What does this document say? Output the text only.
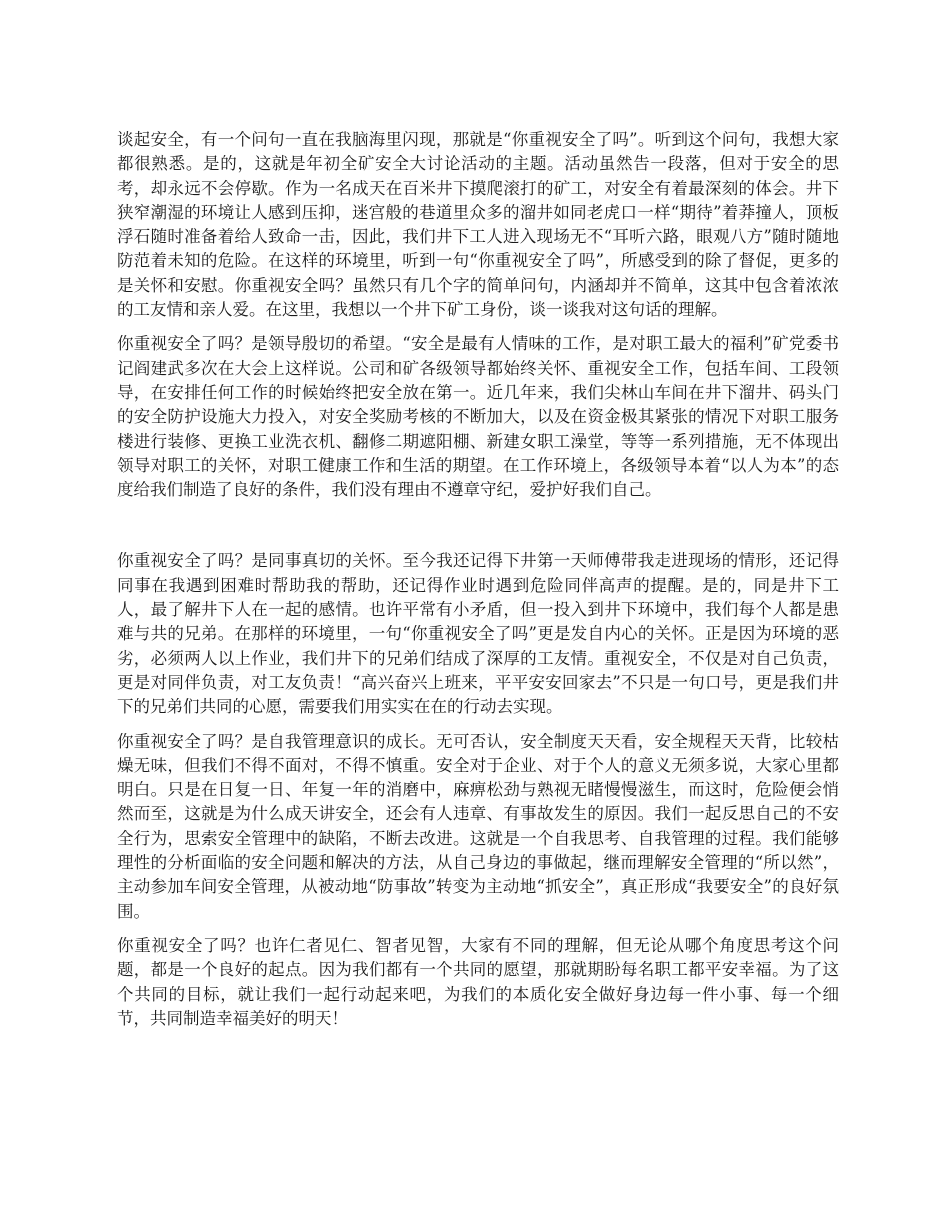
谈起安全，有一个问句一直在我脑海里闪现，那就是“你重视安全了吗”。听到这个问句，我想大家都很熟悉。是的，这就是年初全矿安全大讨论活动的主题。活动虽然告一段落，但对于安全的思考，却永远不会停歇。作为一名成天在百米井下摸爬滚打的矿工，对安全有着最深刻的体会。井下狭窄潮湿的环境让人感到压抑，迷宫般的巷道里众多的溜井如同老虎口一样“期待”着莽撞人，顶板浮石随时准备着给人致命一击，因此，我们井下工人进入现场无不“耳听六路，眼观八方”随时随地防范着未知的危险。在这样的环境里，听到一句“你重视安全了吗”，所感受到的除了督促，更多的是关怀和安慰。你重视安全吗？虽然只有几个字的简单问句，内涵却并不简单，这其中包含着浓浓的工友情和亲人爱。在这里，我想以一个井下矿工身份，谈一谈我对这句话的理解。

你重视安全了吗？是领导殷切的希望。“安全是最有人情味的工作，是对职工最大的福利”矿党委书记阎建武多次在大会上这样说。公司和矿各级领导都始终关怀、重视安全工作，包括车间、工段领导，在安排任何工作的时候始终把安全放在第一。近几年来，我们尖林山车间在井下溜井、码头门的安全防护设施大力投入，对安全奖励考核的不断加大，以及在资金极其紧张的情况下对职工服务楼进行装修、更换工业洗衣机、翻修二期遮阳棚、新建女职工澡堂，等等一系列措施，无不体现出领导对职工的关怀，对职工健康工作和生活的期望。在工作环境上，各级领导本着“以人为本”的态度给我们制造了良好的条件，我们没有理由不遵章守纪，爱护好我们自己。

你重视安全了吗？是同事真切的关怀。至今我还记得下井第一天师傅带我走进现场的情形，还记得同事在我遇到困难时帮助我的帮助，还记得作业时遇到危险同伴高声的提醒。是的，同是井下工人，最了解井下人在一起的感情。也许平常有小矛盾，但一投入到井下环境中，我们每个人都是患难与共的兄弟。在那样的环境里，一句“你重视安全了吗”更是发自内心的关怀。正是因为环境的恶劣，必须两人以上作业，我们井下的兄弟们结成了深厚的工友情。重视安全，不仅是对自己负责，更是对同伴负责，对工友负责！“高兴奋兴上班来，平平安安回家去”不只是一句口号，更是我们井下的兄弟们共同的心愿，需要我们用实实在在的行动去实现。

你重视安全了吗？是自我管理意识的成长。无可否认，安全制度天天看，安全规程天天背，比较枯燥无味，但我们不得不面对，不得不慎重。安全对于企业、对于个人的意义无须多说，大家心里都明白。只是在日复一日、年复一年的消磨中，麻痹松劲与熟视无睹慢慢滋生，而这时，危险便会悄然而至，这就是为什么成天讲安全，还会有人违章、有事故发生的原因。我们一起反思自己的不安全行为，思索安全管理中的缺陷，不断去改进。这就是一个自我思考、自我管理的过程。我们能够理性的分析面临的安全问题和解决的方法，从自己身边的事做起，继而理解安全管理的“所以然”，主动参加车间安全管理，从被动地“防事故”转变为主动地“抓安全”，真正形成“我要安全”的良好氛围。

你重视安全了吗？也许仁者见仁、智者见智，大家有不同的理解，但无论从哪个角度思考这个问题，都是一个良好的起点。因为我们都有一个共同的愿望，那就期盼每名职工都平安幸福。为了这个共同的目标，就让我们一起行动起来吧，为我们的本质化安全做好身边每一件小事、每一个细节，共同制造幸福美好的明天！
